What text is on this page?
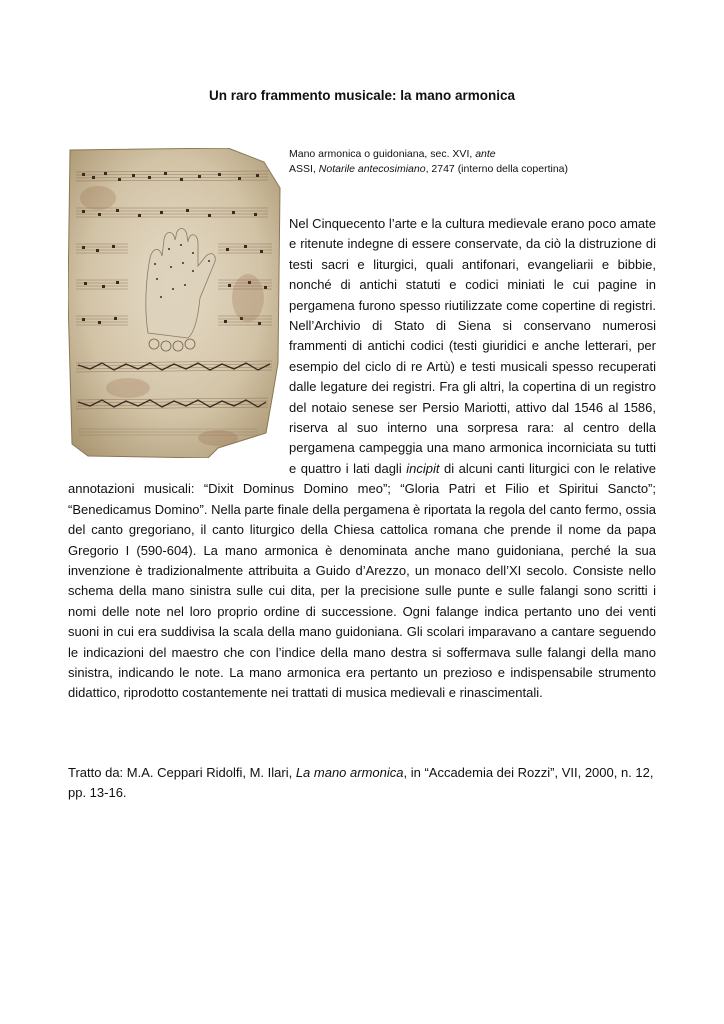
Un raro frammento musicale: la mano armonica
Mano armonica o guidoniana, sec. XVI, ante
ASSI, Notarile antecosimiano, 2747 (interno della copertina)

Nel Cinquecento l’arte e la cultura medievale erano poco amate e ritenute indegne di essere conservate, da ciò la distruzione di testi sacri e liturgici, quali antifonari, evangeliarii e bibbie, nonché di antichi statuti e codici miniati le cui pagine in pergamena furono spesso riutilizzate come copertine di registri. Nell’Archivio di Stato di Siena si conservano numerosi frammenti di antichi codici (testi giuridici e anche letterari, per esempio del ciclo di re Artù) e testi musicali spesso recuperati dalle legature dei registri. Fra gli altri, la copertina di un registro del notaio senese ser Persio Mariotti, attivo dal 1546 al 1586, riserva al suo interno una sorpresa rara: al centro della pergamena campeggia una mano armonica incorniciata su tutti e quattro i lati dagli incipit di alcuni canti liturgici con le relative annotazioni musicali: “Dixit Dominus Domino meo”; “Gloria Patri et Filio et Spiritui Sancto”; “Benedicamus Domino”. Nella parte finale della pergamena è riportata la regola del canto fermo, ossia del canto gregoriano, il canto liturgico della Chiesa cattolica romana che prende il nome da papa Gregorio I (590-604). La mano armonica è denominata anche mano guidoniana, perché la sua invenzione è tradizionalmente attribuita a Guido d’Arezzo, un monaco dell’XI secolo. Consiste nello schema della mano sinistra sulle cui dita, per la precisione sulle punte e sulle falangi sono scritti i nomi delle note nel loro proprio ordine di successione. Ogni falange indica pertanto uno dei venti suoni in cui era suddivisa la scala della mano guidoniana. Gli scolari imparavano a cantare seguendo le indicazioni del maestro che con l’indice della mano destra si soffermava sulle falangi della mano sinistra, indicando le note. La mano armonica era pertanto un prezioso e indispensabile strumento didattico, riprodotto costantemente nei trattati di musica medievali e rinascimentali.

Tratto da: M.A. Ceppari Ridolfi, M. Ilari, La mano armonica, in “Accademia dei Rozzi”, VII, 2000, n. 12, pp. 13-16.
